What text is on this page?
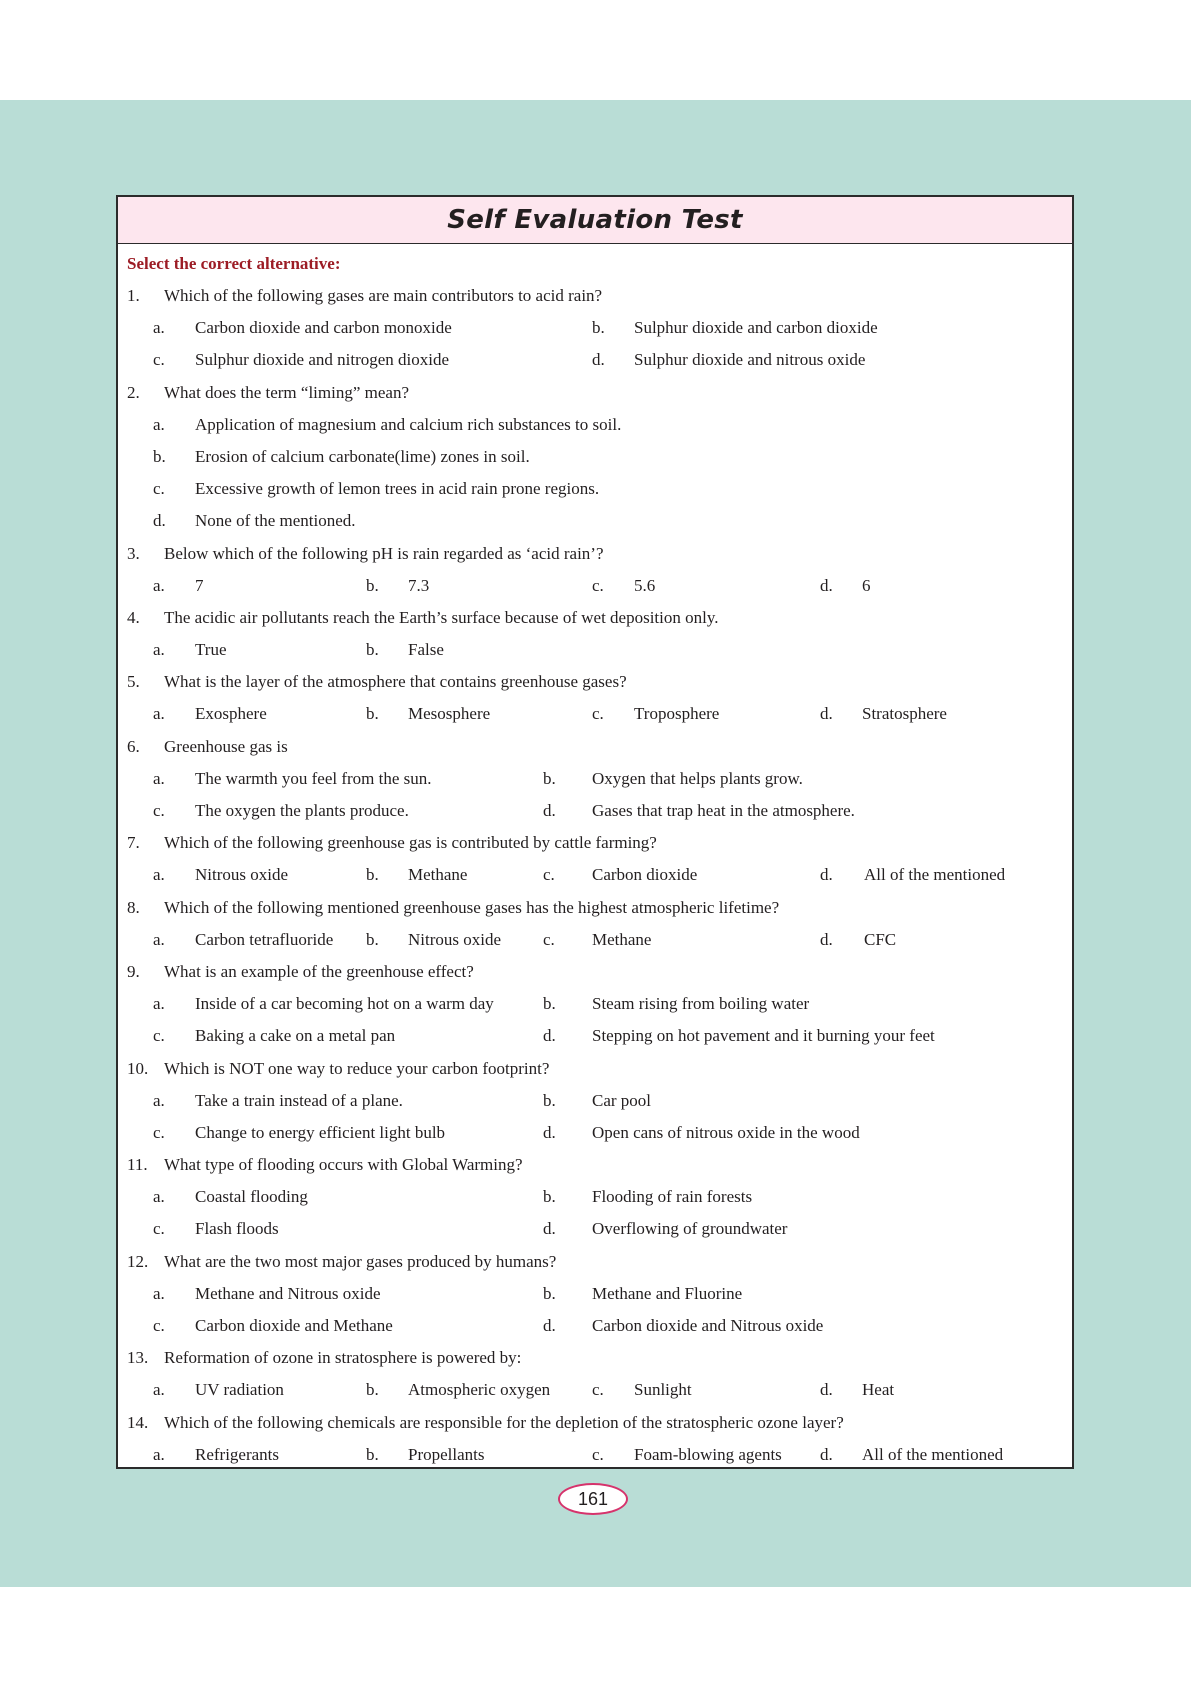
Self Evaluation Test
Select the correct alternative:
1. Which of the following gases are main contributors to acid rain?
a. Carbon dioxide and carbon monoxide	b. Sulphur dioxide and carbon dioxide
c. Sulphur dioxide and nitrogen dioxide	d. Sulphur dioxide and nitrous oxide
2. What does the term “liming” mean?
a. Application of magnesium and calcium rich substances to soil.
b. Erosion of calcium carbonate(lime) zones in soil.
c. Excessive growth of lemon trees in acid rain prone regions.
d. None of the mentioned.
3. Below which of the following pH is rain regarded as ‘acid rain’?
a. 7	b. 7.3	c. 5.6	d. 6
4. The acidic air pollutants reach the Earth’s surface because of wet deposition only.
a. True	b. False
5. What is the layer of the atmosphere that contains greenhouse gases?
a. Exosphere	b. Mesosphere	c. Troposphere	d. Stratosphere
6. Greenhouse gas is
a. The warmth you feel from the sun.	b. Oxygen that helps plants grow.
c. The oxygen the plants produce.	d. Gases that trap heat in the atmosphere.
7. Which of the following greenhouse gas is contributed by cattle farming?
a. Nitrous oxide	b. Methane	c. Carbon dioxide	d. All of the mentioned
8. Which of the following mentioned greenhouse gases has the highest atmospheric lifetime?
a. Carbon tetrafluoride b. Nitrous oxide c. Methane	d. CFC
9. What is an example of the greenhouse effect?
a. Inside of a car becoming hot on a warm day	b. Steam rising from boiling water
c. Baking a cake on a metal pan	d. Stepping on hot pavement and it burning your feet
10. Which is NOT one way to reduce your carbon footprint?
a. Take a train instead of a plane.	b. Car pool
c. Change to energy efficient light bulb	d. Open cans of nitrous oxide in the wood
11. What type of flooding occurs with Global Warming?
a. Coastal flooding	b. Flooding of rain forests
c. Flash floods	d. Overflowing of groundwater
12. What are the two most major gases produced by humans?
a. Methane and Nitrous oxide	b. Methane and Fluorine
c. Carbon dioxide and Methane	d. Carbon dioxide and Nitrous oxide
13. Reformation of ozone in stratosphere is powered by:
a. UV radiation	b. Atmospheric oxygen c. Sunlight	d. Heat
14. Which of the following chemicals are responsible for the depletion of the stratospheric ozone layer?
a. Refrigerants	b. Propellants	c. Foam-blowing agents d. All of the mentioned
161
